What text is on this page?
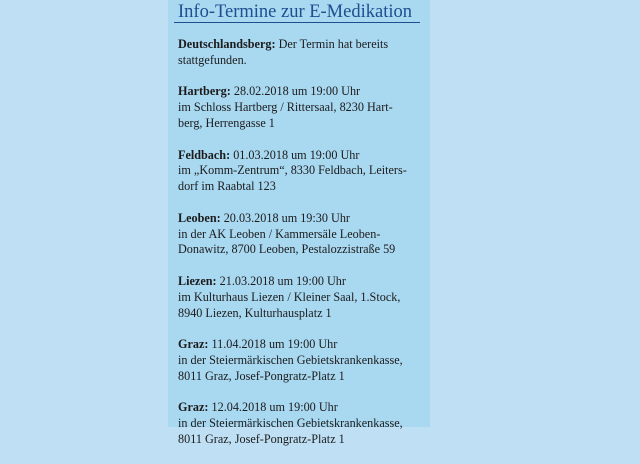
Info-Termine zur E-Medikation
Deutschlandsberg: Der Termin hat bereits
stattgefunden.
Hartberg: 28.02.2018 um 19:00 Uhr
im Schloss Hartberg / Rittersaal, 8230 Hart-
berg, Herrengasse 1
Feldbach: 01.03.2018 um 19:00 Uhr
im „Komm-Zentrum“, 8330 Feldbach, Leiters-
dorf im Raabtal 123
Leoben: 20.03.2018 um 19:30 Uhr
in der AK Leoben / Kammersäle Leoben-
Donawitz, 8700 Leoben, Pestalozzistraße 59
Liezen: 21.03.2018 um 19:00 Uhr
im Kulturhaus Liezen / Kleiner Saal, 1.Stock,
8940 Liezen, Kulturhausplatz 1
Graz: 11.04.2018 um 19:00 Uhr
in der Steiermärkischen Gebietskrankenkasse,
8011 Graz, Josef-Pongratz-Platz 1
Graz: 12.04.2018 um 19:00 Uhr
in der Steiermärkischen Gebietskrankenkasse,
8011 Graz, Josef-Pongratz-Platz 1
